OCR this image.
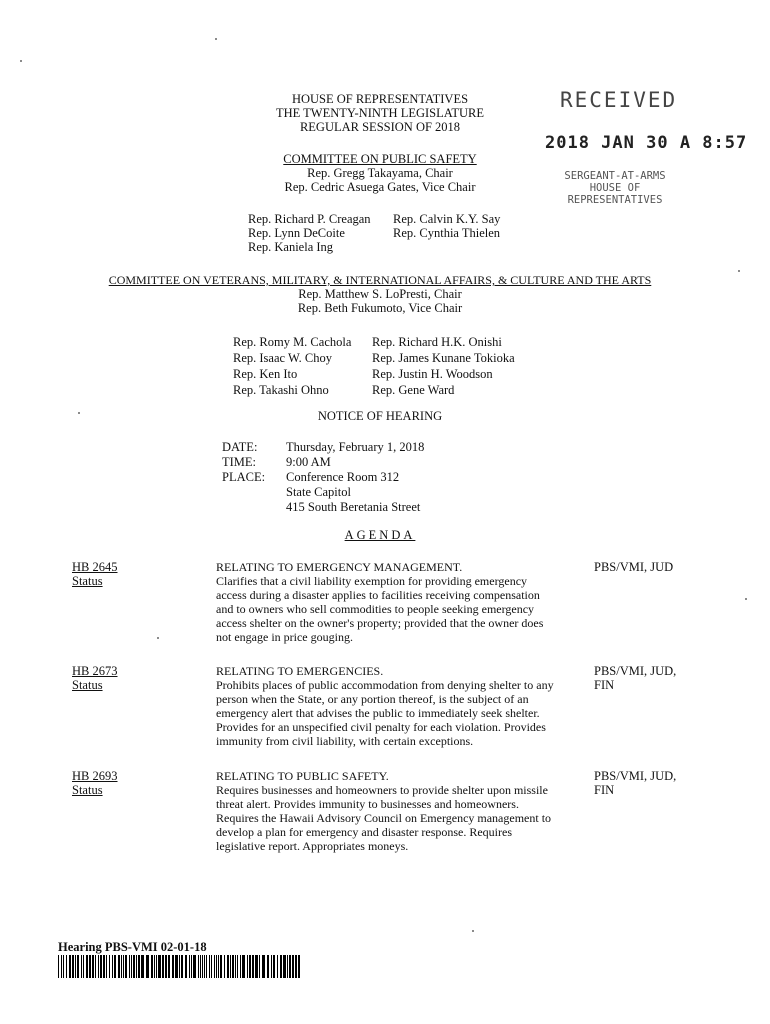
HOUSE OF REPRESENTATIVES
THE TWENTY-NINTH LEGISLATURE
REGULAR SESSION OF 2018
RECEIVED
2018 JAN 30 A 8:57
SERGEANT-AT-ARMS
HOUSE OF
REPRESENTATIVES
COMMITTEE ON PUBLIC SAFETY
Rep. Gregg Takayama, Chair
Rep. Cedric Asuega Gates, Vice Chair
Rep. Richard P. Creagan
Rep. Lynn DeCoite
Rep. Kaniela Ing
Rep. Calvin K.Y. Say
Rep. Cynthia Thielen
COMMITTEE ON VETERANS, MILITARY, & INTERNATIONAL AFFAIRS, & CULTURE AND THE ARTS
Rep. Matthew S. LoPresti, Chair
Rep. Beth Fukumoto, Vice Chair
Rep. Romy M. Cachola
Rep. Isaac W. Choy
Rep. Ken Ito
Rep. Takashi Ohno
Rep. Richard H.K. Onishi
Rep. James Kunane Tokioka
Rep. Justin H. Woodson
Rep. Gene Ward
NOTICE OF HEARING
DATE:
TIME:
PLACE:
Thursday, February 1, 2018
9:00 AM
Conference Room 312
State Capitol
415 South Beretania Street
AGENDA
HB 2645
Status
RELATING TO EMERGENCY MANAGEMENT.
Clarifies that a civil liability exemption for providing emergency
access during a disaster applies to facilities receiving compensation
and to owners who sell commodities to people seeking emergency
access shelter on the owner's property; provided that the owner does
not engage in price gouging.
PBS/VMI, JUD
HB 2673
Status
RELATING TO EMERGENCIES.
Prohibits places of public accommodation from denying shelter to any
person when the State, or any portion thereof, is the subject of an
emergency alert that advises the public to immediately seek shelter.
Provides for an unspecified civil penalty for each violation. Provides
immunity from civil liability, with certain exceptions.
PBS/VMI, JUD,
FIN
HB 2693
Status
RELATING TO PUBLIC SAFETY.
Requires businesses and homeowners to provide shelter upon missile
threat alert. Provides immunity to businesses and homeowners.
Requires the Hawaii Advisory Council on Emergency management to
develop a plan for emergency and disaster response. Requires
legislative report. Appropriates moneys.
PBS/VMI, JUD,
FIN
Hearing PBS-VMI 02-01-18
